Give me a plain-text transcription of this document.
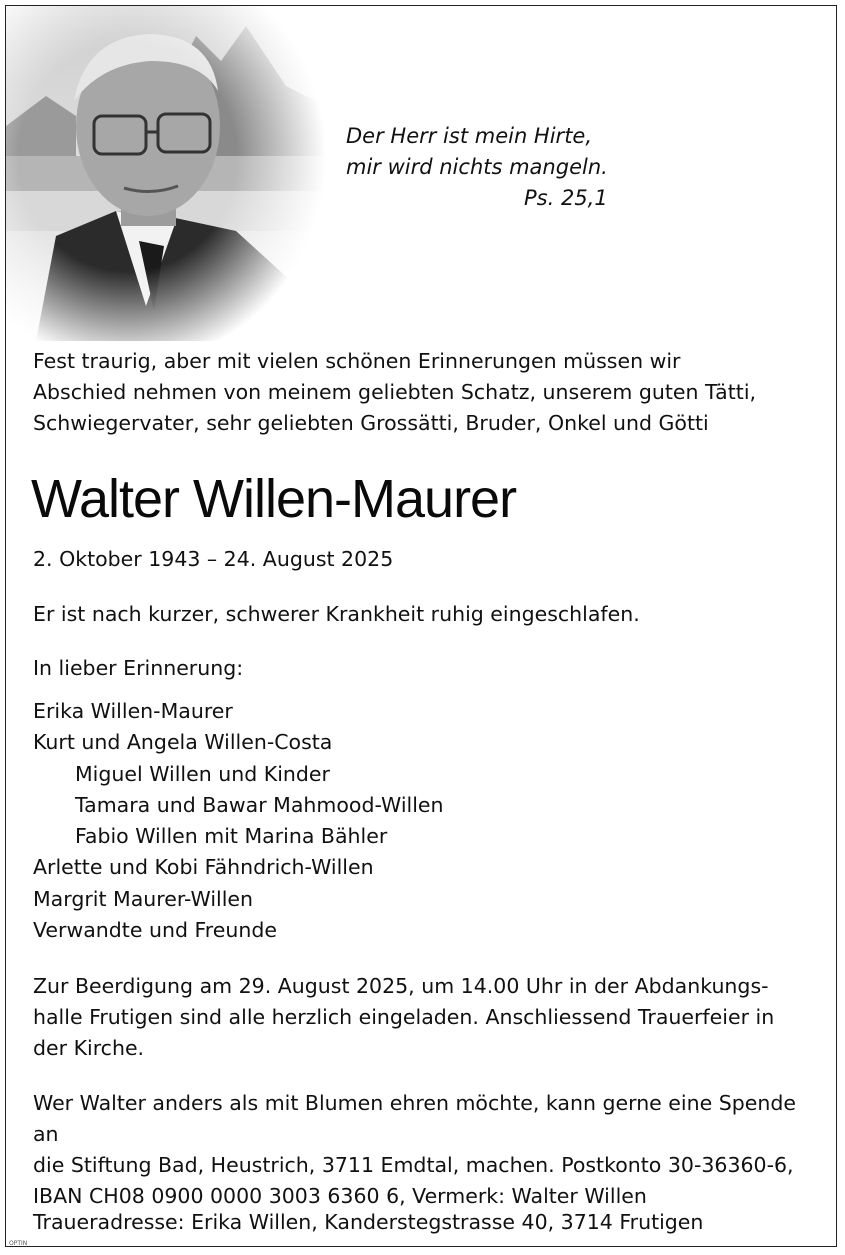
Der Herr ist mein Hirte,
mir wird nichts mangeln.
Ps. 25,1
Fest traurig, aber mit vielen schönen Erinnerungen müssen wir
Abschied nehmen von meinem geliebten Schatz, unserem guten Tätti,
Schwiegervater, sehr geliebten Grossätti, Bruder, Onkel und Götti
Walter Willen-Maurer
2. Oktober 1943 – 24. August 2025
Er ist nach kurzer, schwerer Krankheit ruhig eingeschlafen.
In lieber Erinnerung:
Erika Willen-Maurer
Kurt und Angela Willen-Costa
Miguel Willen und Kinder
Tamara und Bawar Mahmood-Willen
Fabio Willen mit Marina Bähler
Arlette und Kobi Fähndrich-Willen
Margrit Maurer-Willen
Verwandte und Freunde
Zur Beerdigung am 29. August 2025, um 14.00 Uhr in der Abdankungs-
halle Frutigen sind alle herzlich eingeladen. Anschliessend Trauerfeier in
der Kirche.
Wer Walter anders als mit Blumen ehren möchte, kann gerne eine Spende an
die Stiftung Bad, Heustrich, 3711 Emdtal, machen. Postkonto 30-36360-6,
IBAN CH08 0900 0000 3003 6360 6, Vermerk: Walter Willen
Traueradresse: Erika Willen, Kanderstegstrasse 40, 3714 Frutigen
OPTIN
